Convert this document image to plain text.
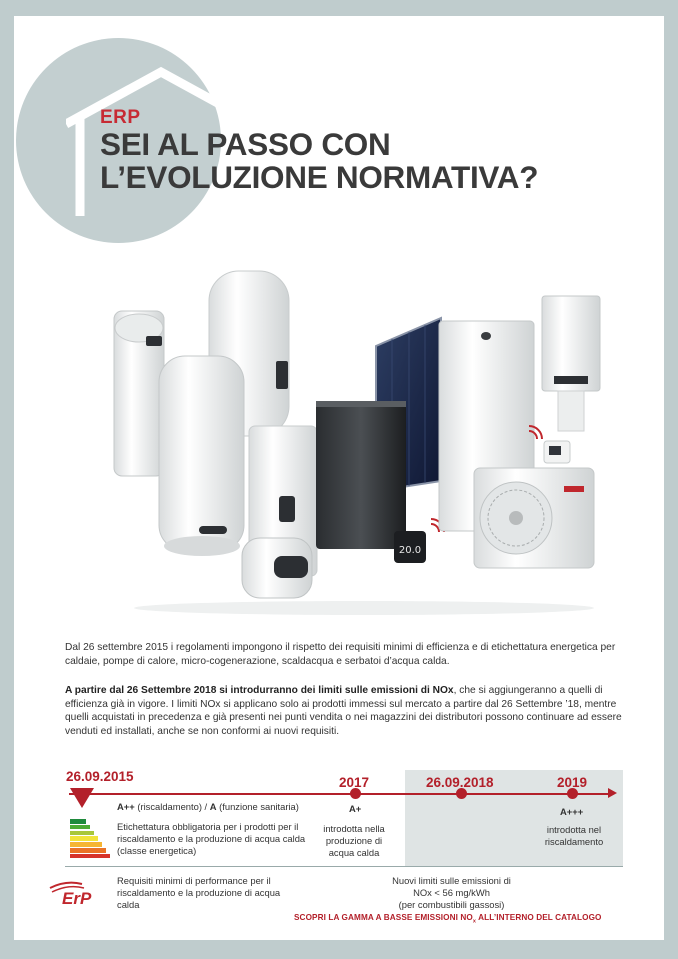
ERP
SEI AL PASSO CON
L’EVOLUZIONE NORMATIVA?
20.0
Dal 26 settembre 2015 i regolamenti impongono il rispetto dei requisiti minimi di efficienza e di etichettatura energetica per caldaie, pompe di calore, micro-cogenerazione, scaldacqua e serbatoi d’acqua calda.
A partire dal 26 Settembre 2018 si introdurranno dei limiti sulle emissioni di NOx, che si aggiungeranno a quelli di efficienza già in vigore. I limiti NOx si applicano solo ai prodotti immessi sul mercato a partire dal 26 Settembre ’18, mentre quelli acquistati in precedenza e già presenti nei punti vendita o nei magazzini dei distributori possono continuare ad essere venduti ed installati, anche se non conformi ai nuovi requisiti.
26.09.2015	2017	26.09.2018	2019
A++ (riscaldamento) / A (funzione sanitaria)
Etichettatura obbligatoria per i prodotti per il riscaldamento e la produzione di acqua calda (classe energetica)
A+
introdotta nella produzione di acqua calda
A+++
introdotta nel riscaldamento
ErP
Requisiti minimi di performance per il riscaldamento e la produzione di acqua calda
Nuovi limiti sulle emissioni di NOx < 56 mg/kWh
(per combustibili gassosi)
SCOPRI LA GAMMA A BASSE EMISSIONI $NO_x$ ALL’INTERNO DEL CATALOGO
